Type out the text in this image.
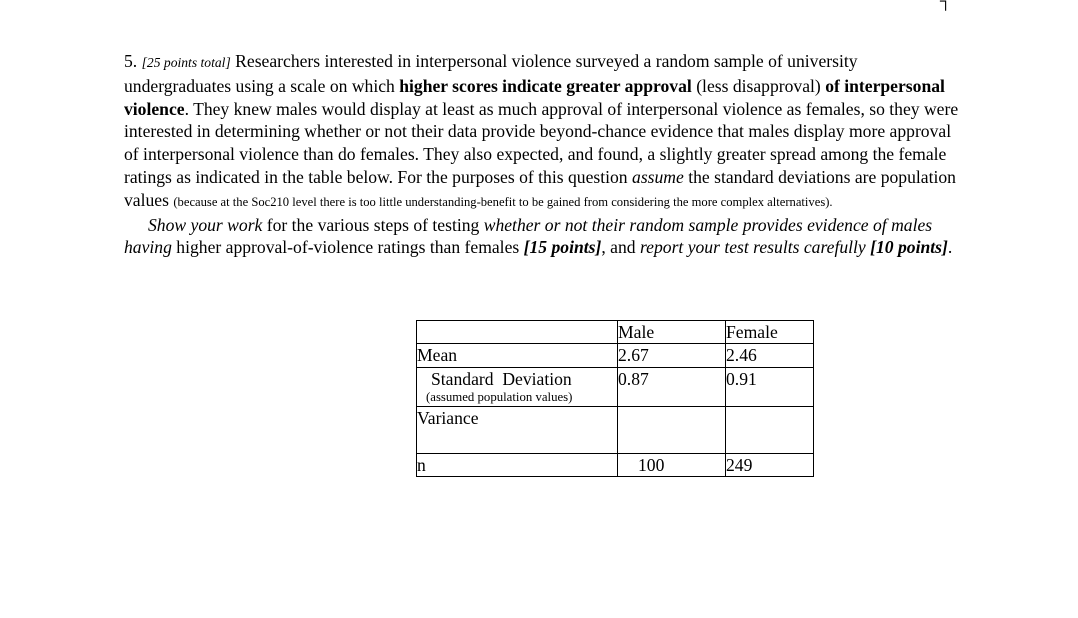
┐

5. [25 points total] Researchers interested in interpersonal violence surveyed a random sample of university undergraduates using a scale on which higher scores indicate greater approval (less disapproval) of interpersonal violence. They knew males would display at least as much approval of interpersonal violence as females, so they were interested in determining whether or not their data provide beyond-chance evidence that males display more approval of interpersonal violence than do females. They also expected, and found, a slightly greater spread among the female ratings as indicated in the table below. For the purposes of this question assume the standard deviations are population values (because at the Soc210 level there is too little understanding-benefit to be gained from considering the more complex alternatives).

Show your work for the various steps of testing whether or not their random sample provides evidence of males having higher approval-of-violence ratings than females [15 points], and report your test results carefully [10 points].

	Male	Female
Mean	2.67	2.46

Standard  Deviation
(assumed population values)	0.87	0.91
Variance		
n	100	249
